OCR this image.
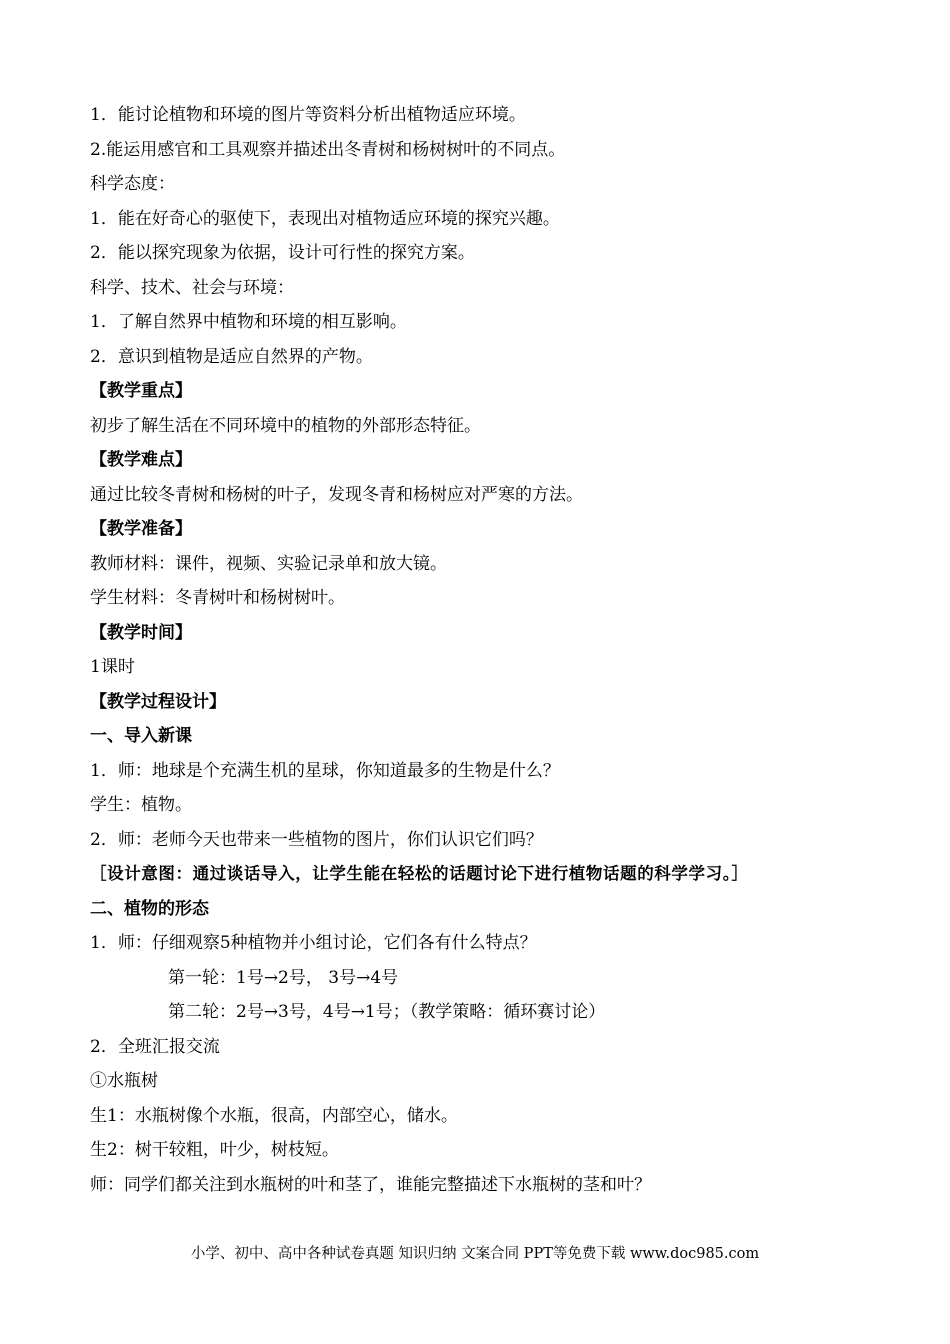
1．能讨论植物和环境的图片等资料分析出植物适应环境。
2.能运用感官和工具观察并描述出冬青树和杨树树叶的不同点。
科学态度：
1．能在好奇心的驱使下，表现出对植物适应环境的探究兴趣。
2．能以探究现象为依据，设计可行性的探究方案。
科学、技术、社会与环境：
1．了解自然界中植物和环境的相互影响。
2．意识到植物是适应自然界的产物。
【教学重点】
初步了解生活在不同环境中的植物的外部形态特征。
【教学难点】
通过比较冬青树和杨树的叶子，发现冬青和杨树应对严寒的方法。
【教学准备】
教师材料：课件，视频、实验记录单和放大镜。
学生材料：冬青树叶和杨树树叶。
【教学时间】
1课时
【教学过程设计】
一、导入新课
1．师：地球是个充满生机的星球，你知道最多的生物是什么？
学生：植物。
2．师：老师今天也带来一些植物的图片，你们认识它们吗？
［设计意图：通过谈话导入，让学生能在轻松的话题讨论下进行植物话题的科学学习。］
二、植物的形态
1．师：仔细观察5种植物并小组讨论，它们各有什么特点？
第一轮：1号→2号， 3号→4号
第二轮：2号→3号，4号→1号；（教学策略：循环赛讨论）
2．全班汇报交流
①水瓶树
生1：水瓶树像个水瓶，很高，内部空心，储水。
生2：树干较粗，叶少，树枝短。
师：同学们都关注到水瓶树的叶和茎了，谁能完整描述下水瓶树的茎和叶？
小学、初中、高中各种试卷真题 知识归纳 文案合同 PPT等免费下载 www.doc985.com
